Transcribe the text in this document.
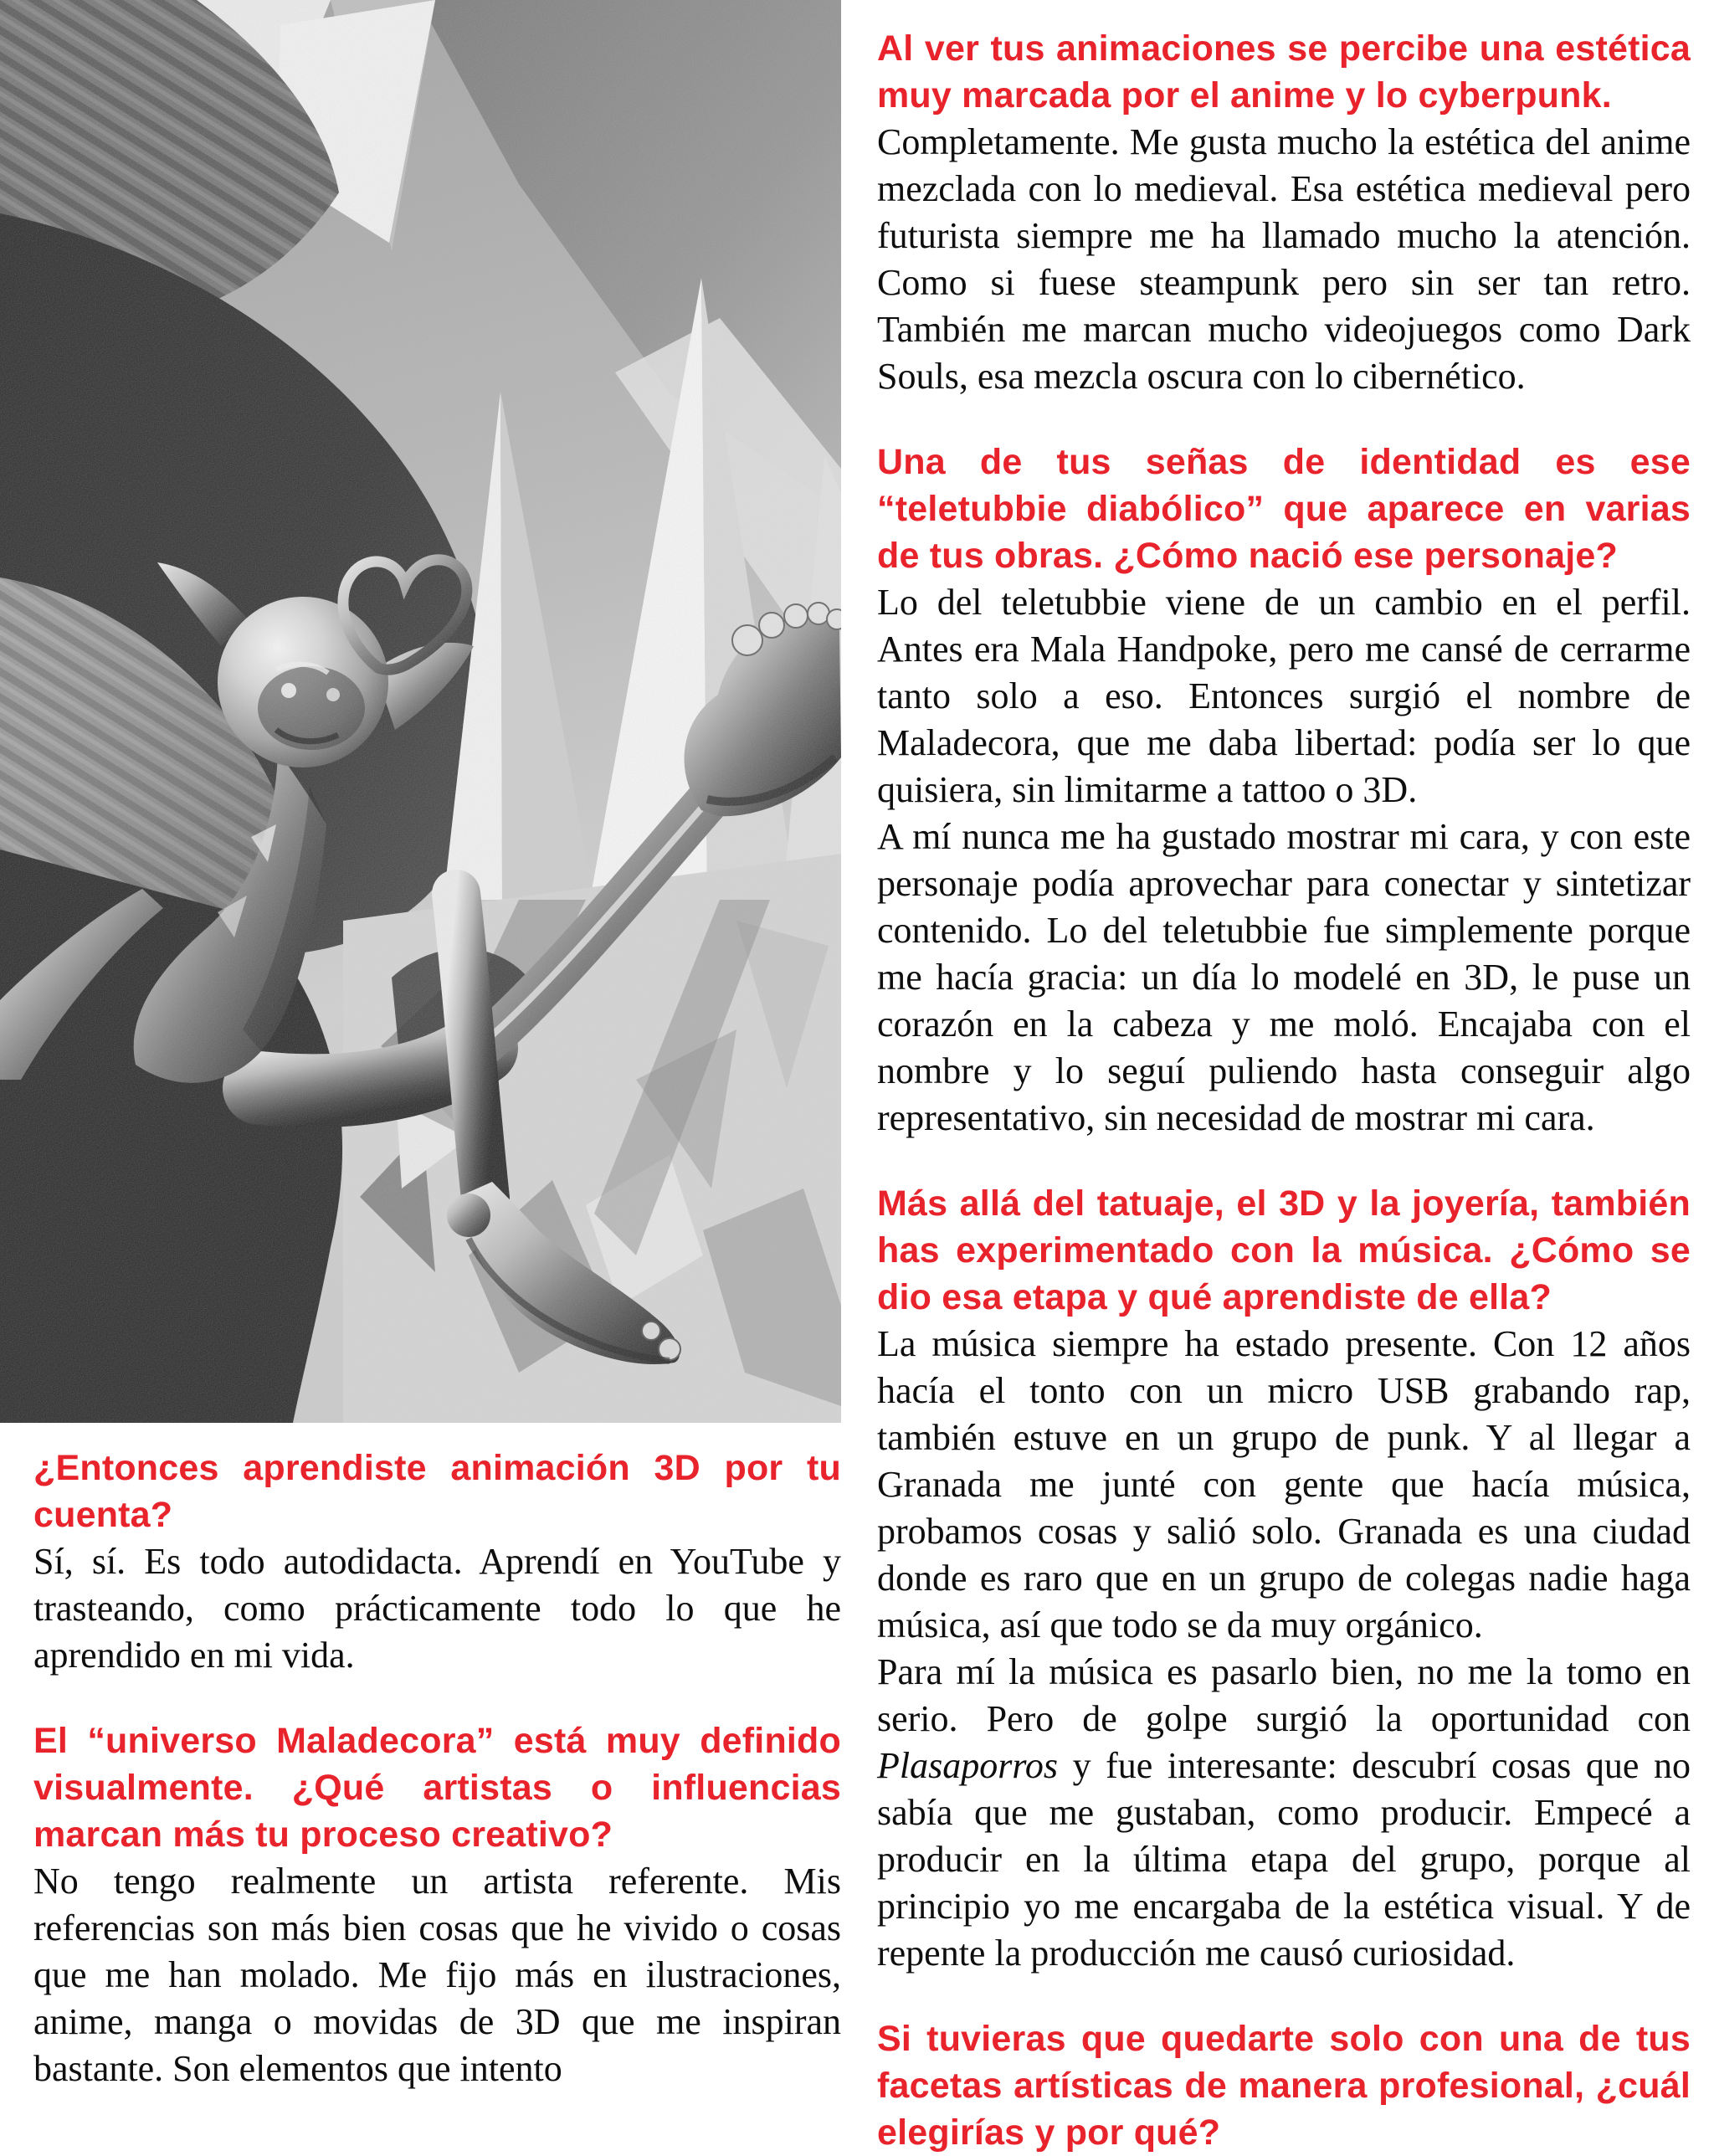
¿Entonces aprendiste animación 3D por tu cuenta?

Sí, sí. Es todo autodidacta. Aprendí en YouTube y trasteando, como prácticamente todo lo que he aprendido en mi vida.

El “universo Maladecora” está muy definido visualmente. ¿Qué artistas o influencias marcan más tu proceso creativo?

No tengo realmente un artista referente. Mis referencias son más bien cosas que he vivido o cosas que me han molado. Me fijo más en ilustraciones, anime, manga o movidas de 3D que me inspiran bastante. Son elementos que intento

Al ver tus animaciones se percibe una estética muy marcada por el anime y lo cyberpunk.

Completamente. Me gusta mucho la estética del anime mezclada con lo medieval. Esa estética medieval pero futurista siempre me ha llamado mucho la atención. Como si fuese steampunk pero sin ser tan retro. También me marcan mucho videojuegos como Dark Souls, esa mezcla oscura con lo cibernético.

Una de tus señas de identidad es ese “teletubbie diabólico” que aparece en varias de tus obras. ¿Cómo nació ese personaje?

Lo del teletubbie viene de un cambio en el perfil. Antes era Mala Handpoke, pero me cansé de cerrarme tanto solo a eso. Entonces surgió el nombre de Maladecora, que me daba libertad: podía ser lo que quisiera, sin limitarme a tattoo o 3D.

A mí nunca me ha gustado mostrar mi cara, y con este personaje podía aprovechar para conectar y sintetizar contenido. Lo del teletubbie fue simplemente porque me hacía gracia: un día lo modelé en 3D, le puse un corazón en la cabeza y me moló. Encajaba con el nombre y lo seguí puliendo hasta conseguir algo representativo, sin necesidad de mostrar mi cara.

Más allá del tatuaje, el 3D y la joyería, también has experimentado con la música. ¿Cómo se dio esa etapa y qué aprendiste de ella?

La música siempre ha estado presente. Con 12 años hacía el tonto con un micro USB grabando rap, también estuve en un grupo de punk. Y al llegar a Granada me junté con gente que hacía música, probamos cosas y salió solo. Granada es una ciudad donde es raro que en un grupo de colegas nadie haga música, así que todo se da muy orgánico.

Para mí la música es pasarlo bien, no me la tomo en serio. Pero de golpe surgió la oportunidad con Plasaporros y fue interesante: descubrí cosas que no sabía que me gustaban, como producir. Empecé a producir en la última etapa del grupo, porque al principio yo me encargaba de la estética visual. Y de repente la producción me causó curiosidad.

Si tuvieras que quedarte solo con una de tus facetas artísticas de manera profesional, ¿cuál elegirías y por qué?
